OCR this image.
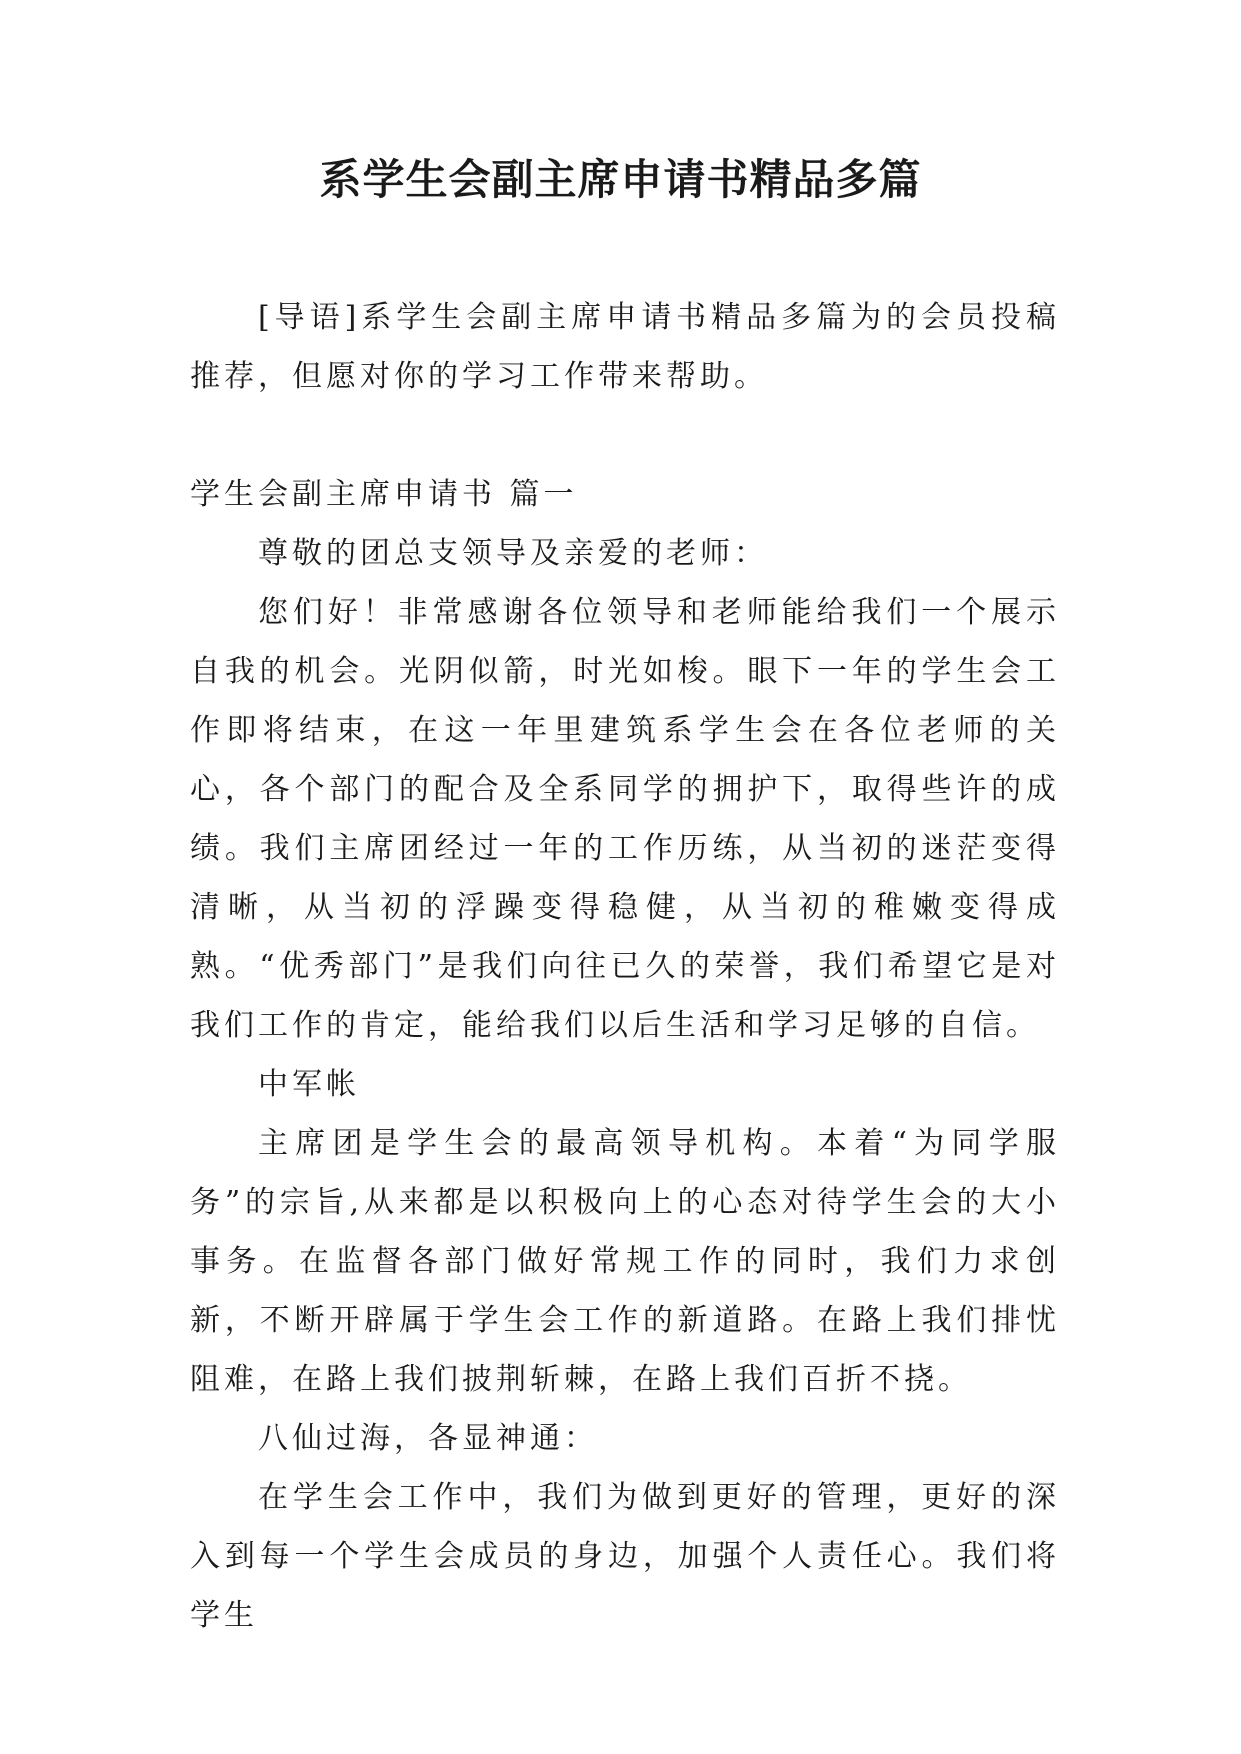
系学生会副主席申请书精品多篇

[导语]系学生会副主席申请书精品多篇为的会员投稿推荐，但愿对你的学习工作带来帮助。

学生会副主席申请书 篇一

尊敬的团总支领导及亲爱的老师：

您们好！非常感谢各位领导和老师能给我们一个展示自我的机会。光阴似箭，时光如梭。眼下一年的学生会工作即将结束，在这一年里建筑系学生会在各位老师的关心，各个部门的配合及全系同学的拥护下，取得些许的成绩。我们主席团经过一年的工作历练，从当初的迷茫变得清晰，从当初的浮躁变得稳健，从当初的稚嫩变得成熟。“优秀部门”是我们向往已久的荣誉，我们希望它是对我们工作的肯定，能给我们以后生活和学习足够的自信。

中军帐

主席团是学生会的最高领导机构。本着“为同学服务”的宗旨,从来都是以积极向上的心态对待学生会的大小事务。在监督各部门做好常规工作的同时，我们力求创新，不断开辟属于学生会工作的新道路。在路上我们排忧阻难，在路上我们披荆斩棘，在路上我们百折不挠。

八仙过海，各显神通：

在学生会工作中，我们为做到更好的管理，更好的深入到每一个学生会成员的身边，加强个人责任心。我们将学生
